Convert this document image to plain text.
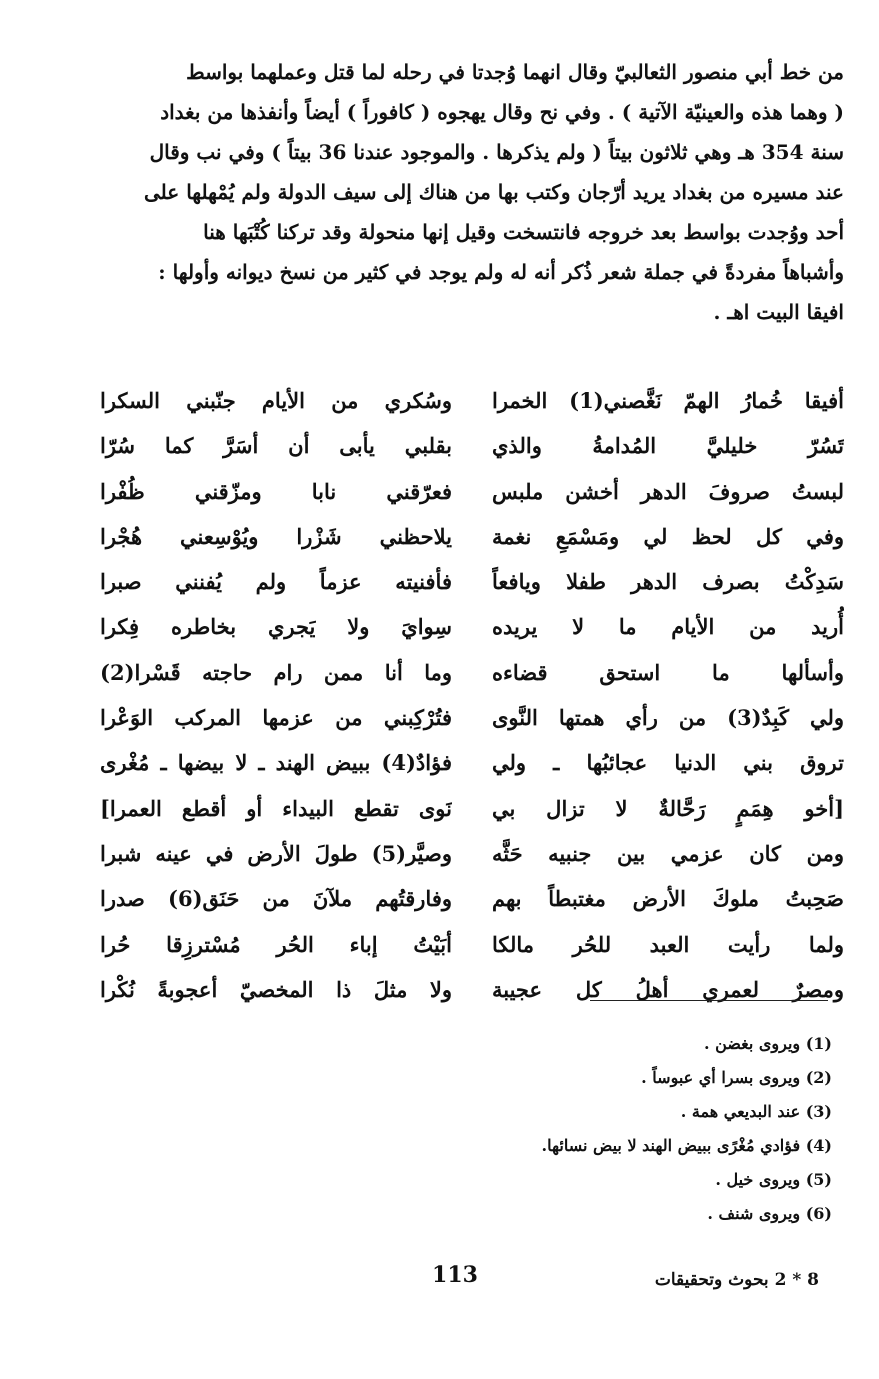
من خط أبي منصور الثعالبيّ وقال انهما وُجدتا في رحله لما قتل وعملهما بواسط

( وهما هذه والعينيّة الآتية ) . وفي نح وقال يهجوه ( كافوراً ) أيضاً وأنفذها من بغداد

سنة 354 هـ وهي ثلاثون بيتاً ( ولم يذكرها . والموجود عندنا 36 بيتاً ) وفي نب وقال

عند مسيره من بغداد يريد أرّجان وكتب بها من هناك إلى سيف الدولة ولم يُمْهلها على

أحد ووُجدت بواسط بعد خروجه فانتسخت وقيل إنها منحولة وقد تركنا كُتْبَها هنا

وأشباهاً مفردةً في جملة شعر ذُكر أنه له ولم يوجد في كثير من نسخ ديوانه وأولها :

افيقا البيت اهـ .

أفيقا خُمارُ الهمّ نَغَّصني(1) الخمرا
تَسُرّ خليليَّ المُدامةُ والذي
لبستُ صروفَ الدهر أخشن ملبس
وفي كل لحظ لي ومَسْمَعِ نغمة
سَدِكْتُ بصرف الدهر طفلا ويافعاً
أُريد من الأيام ما لا يريده
وأسألها ما استحق قضاءه
ولي كَبِدٌ(3) من رأي همتها النَّوى
تروق بني الدنيا عجائبُها ـ ولي
[أخو هِمَمٍ رَحَّالةٌ لا تزال بي
ومن كان عزمي بين جنبيه حَثَّه
صَحِبتُ ملوكَ الأرض مغتبطاً بهم
ولما رأيت العبد للحُر مالكا
ومصرٌ لعمري أهلُ كل عجيبة
وسُكري من الأيام جنّبني السكرا
بقلبي يأبى أن أسَرَّ كما سُرّا
فعرّقني نابا ومزّقني ظُفْرا
يلاحظني شَزْرا ويُوْسِعني هُجْرا
فأفنيته عزماً ولم يُفنني صبرا
سِوايَ ولا يَجري بخاطره فِكرا
وما أنا ممن رام حاجته قَسْرا(2)
فتُرْكِبني من عزمها المركب الوَعْرا
فؤادٌ(4) ببيض الهند ـ لا بيضها ـ مُغْرى
نَوى تقطع البيداء أو أقطع العمرا]
وصيَّر(5) طولَ الأرض في عينه شبرا
وفارقتُهم ملآنَ من حَنَق(6) صدرا
أبَيْتُ إباء الحُر مُسْترزِقا حُرا
ولا مثلَ ذا المخصيّ أعجوبةً نُكْرا
(1) ويروى بغضن .
(2) ويروى بسرا أي عبوساً .
(3) عند البديعي همة .
(4) فؤادي مُغْرًى ببيض الهند لا بيض نسائها.
(5) ويروى خيل .
(6) ويروى شنف .
113	8 * 2 بحوث وتحقيقات
